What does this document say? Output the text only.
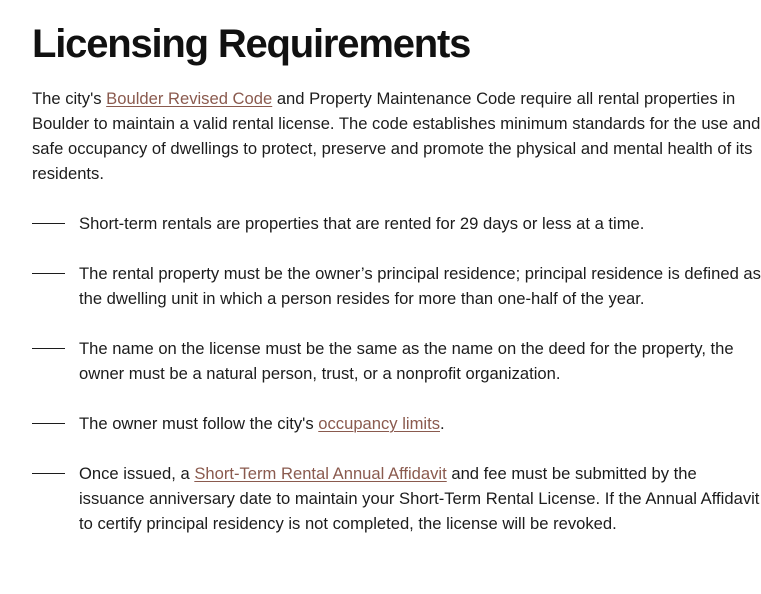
Licensing Requirements

The city's Boulder Revised Code and Property Maintenance Code require all rental properties in Boulder to maintain a valid rental license. The code establishes minimum standards for the use and safe occupancy of dwellings to protect, preserve and promote the physical and mental health of its residents.

Short-term rentals are properties that are rented for 29 days or less at a time.
The rental property must be the owner’s principal residence; principal residence is defined as the dwelling unit in which a person resides for more than one-half of the year.
The name on the license must be the same as the name on the deed for the property, the owner must be a natural person, trust, or a nonprofit organization.
The owner must follow the city's occupancy limits.
Once issued, a Short-Term Rental Annual Affidavit and fee must be submitted by the issuance anniversary date to maintain your Short-Term Rental License. If the Annual Affidavit to certify principal residency is not completed, the license will be revoked.
